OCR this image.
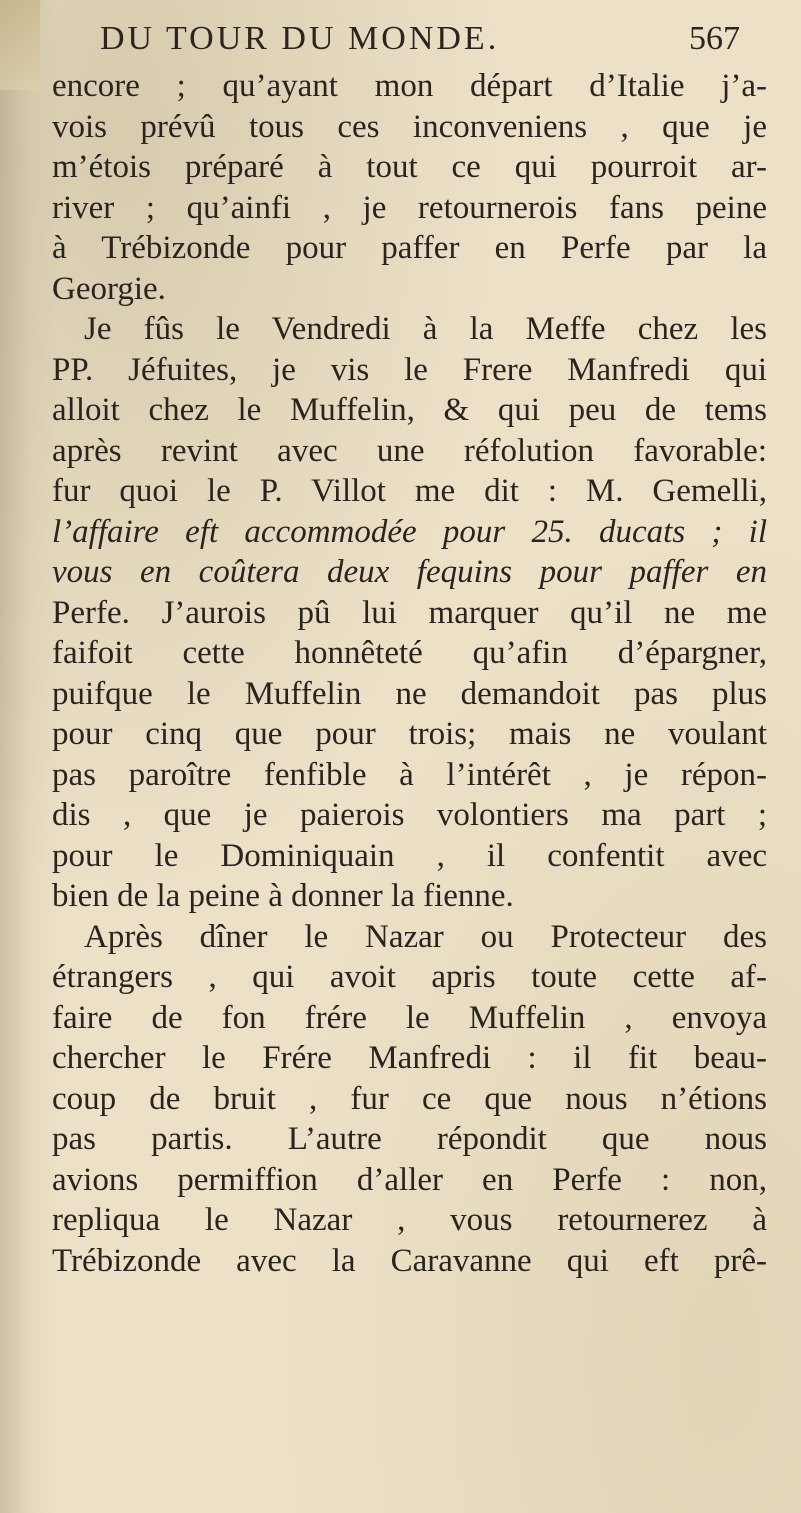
DU TOUR DU MONDE.	567
encore ; qu’ayant mon départ d’Italie j’a-
vois prévû tous ces inconveniens , que je
m’étois préparé à tout ce qui pourroit ar-
river ; qu’ainfi , je retournerois fans peine
à Trébizonde pour paffer en Perfe par la
Georgie.
Je fûs le Vendredi à la Meffe chez les
PP. Jéfuites, je vis le Frere Manfredi qui
alloit chez le Muffelin, & qui peu de tems
après revint avec une réfolution favorable:
fur quoi le P. Villot me dit : M. Gemelli,
l’affaire eft accommodée pour 25. ducats ; il
vous en coûtera deux fequins pour paffer en
Perfe. J’aurois pû lui marquer qu’il ne me
faifoit cette honnêteté qu’afin d’épargner,
puifque le Muffelin ne demandoit pas plus
pour cinq que pour trois; mais ne voulant
pas paroître fenfible à l’intérêt , je répon-
dis , que je paierois volontiers ma part ;
pour le Dominiquain , il confentit avec
bien de la peine à donner la fienne.
Après dîner le Nazar ou Protecteur des
étrangers , qui avoit apris toute cette af-
faire de fon frére le Muffelin , envoya
chercher le Frére Manfredi : il fit beau-
coup de bruit , fur ce que nous n’étions
pas partis. L’autre répondit que nous
avions permiffion d’aller en Perfe : non,
repliqua le Nazar , vous retournerez à
Trébizonde avec la Caravanne qui eft prê-
